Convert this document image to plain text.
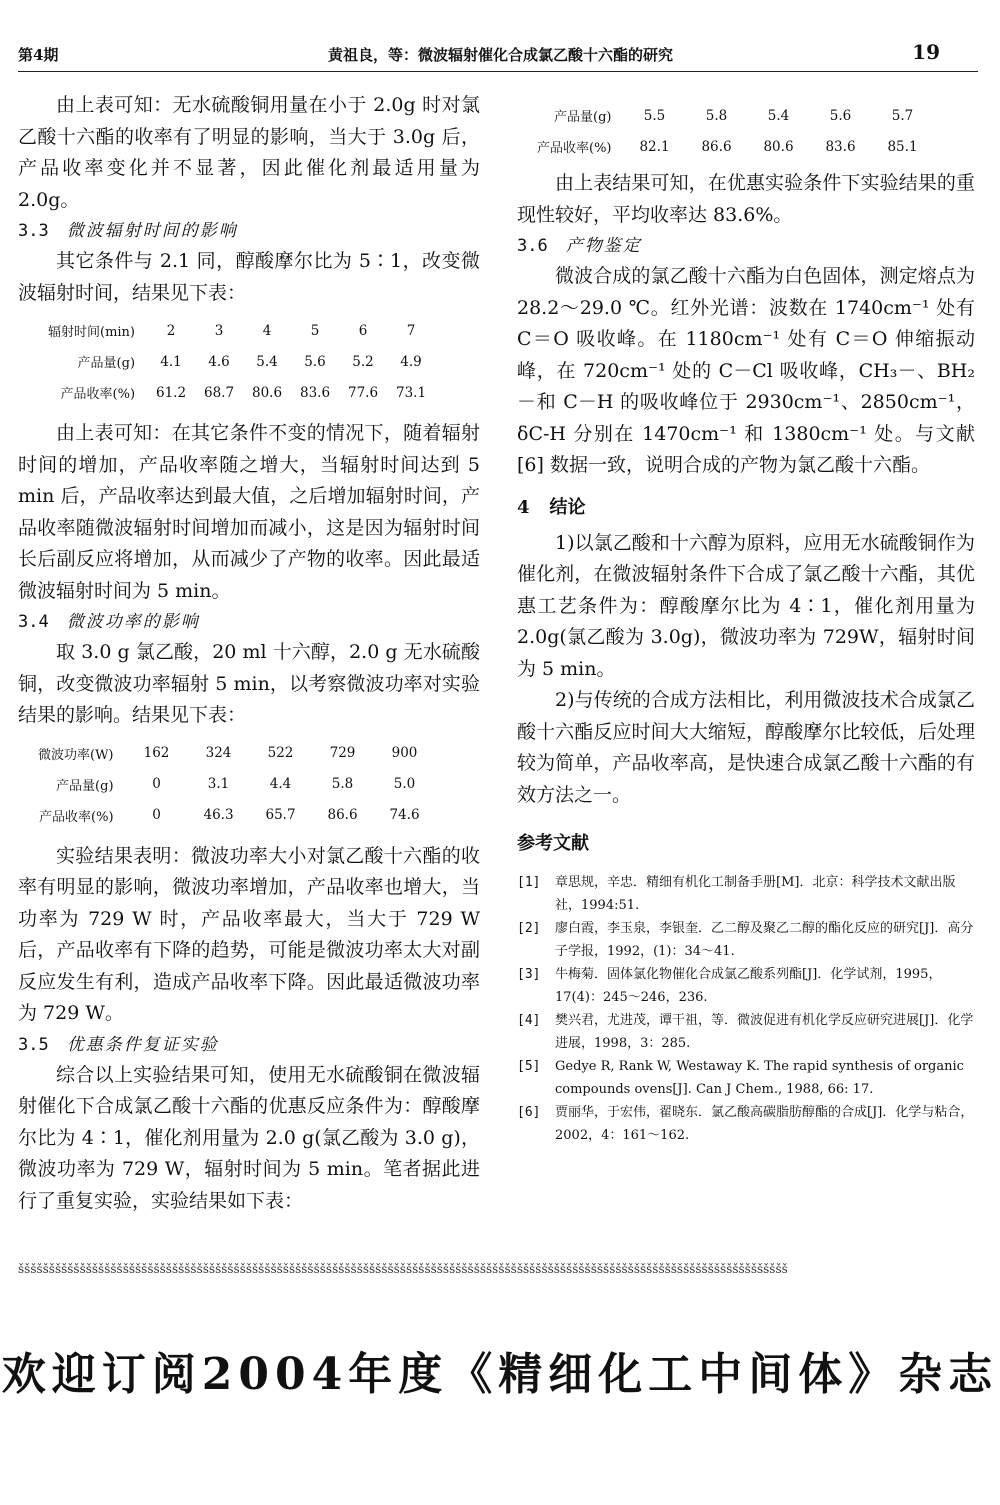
第4期	黄祖良，等：微波辐射催化合成氯乙酸十六酯的研究	19

由上表可知：无水硫酸铜用量在小于 2.0g 时对氯乙酸十六酯的收率有了明显的影响，当大于 3.0g 后，产品收率变化并不显著，因此催化剂最适用量为 2.0g。

3.3 微波辐射时间的影响

其它条件与 2.1 同，醇酸摩尔比为 5∶1，改变微波辐射时间，结果见下表：

辐射时间(min)	2	3	4	5	6	7
产品量(g)	4.1	4.6	5.4	5.6	5.2	4.9
产品收率(%)	61.2	68.7	80.6	83.6	77.6	73.1

由上表可知：在其它条件不变的情况下，随着辐射时间的增加，产品收率随之增大，当辐射时间达到 5 min 后，产品收率达到最大值，之后增加辐射时间，产品收率随微波辐射时间增加而减小，这是因为辐射时间长后副反应将增加，从而减少了产物的收率。因此最适微波辐射时间为 5 min。

3.4 微波功率的影响

取 3.0 g 氯乙酸，20 ml 十六醇，2.0 g 无水硫酸铜，改变微波功率辐射 5 min，以考察微波功率对实验结果的影响。结果见下表：

微波功率(W)	162	324	522	729	900
产品量(g)	0	3.1	4.4	5.8	5.0
产品收率(%)	0	46.3	65.7	86.6	74.6

实验结果表明：微波功率大小对氯乙酸十六酯的收率有明显的影响，微波功率增加，产品收率也增大，当功率为 729 W 时，产品收率最大，当大于 729 W 后，产品收率有下降的趋势，可能是微波功率太大对副反应发生有利，造成产品收率下降。因此最适微波功率为 729 W。

3.5 优惠条件复证实验

综合以上实验结果可知，使用无水硫酸铜在微波辐射催化下合成氯乙酸十六酯的优惠反应条件为：醇酸摩尔比为 4∶1，催化剂用量为 2.0 g(氯乙酸为 3.0 g)，微波功率为 729 W，辐射时间为 5 min。笔者据此进行了重复实验，实验结果如下表：

产品量(g)	5.5	5.8	5.4	5.6	5.7
产品收率(%)	82.1	86.6	80.6	83.6	85.1

由上表结果可知，在优惠实验条件下实验结果的重现性较好，平均收率达 83.6%。

3.6 产物鉴定

微波合成的氯乙酸十六酯为白色固体，测定熔点为 28.2～29.0 ℃。红外光谱：波数在 1740cm⁻¹ 处有 C＝O 吸收峰。在 1180cm⁻¹ 处有 C＝O 伸缩振动峰，在 720cm⁻¹ 处的 C－Cl 吸收峰，CH₃－、BH₂－和 C－H 的吸收峰位于 2930cm⁻¹、2850cm⁻¹，δC-H 分别在 1470cm⁻¹ 和 1380cm⁻¹ 处。与文献[6] 数据一致，说明合成的产物为氯乙酸十六酯。

4 结论

1)以氯乙酸和十六醇为原料，应用无水硫酸铜作为催化剂，在微波辐射条件下合成了氯乙酸十六酯，其优惠工艺条件为：醇酸摩尔比为 4∶1，催化剂用量为 2.0g(氯乙酸为 3.0g)，微波功率为 729W，辐射时间为 5 min。

2)与传统的合成方法相比，利用微波技术合成氯乙酸十六酯反应时间大大缩短，醇酸摩尔比较低，后处理较为简单，产品收率高，是快速合成氯乙酸十六酯的有效方法之一。

参考文献
[1]	章思规，辛忠．精细有机化工制备手册[M]．北京：科学技术文献出版社，1994:51.
[2]	廖白霞，李玉泉，李银奎．乙二醇及聚乙二醇的酯化反应的研究[J]．高分子学报，1992，(1)：34～41.
[3]	牛梅菊．固体氯化物催化合成氯乙酸系列酯[J]．化学试剂，1995，17(4)：245～246，236.
[4]	樊兴君，尤进茂，谭干祖，等．微波促进有机化学反应研究进展[J]．化学进展，1998，3：285.
[5]	Gedye R, Rank W, Westaway K. The rapid synthesis of organic compounds ovens[J]. Can J Chem., 1988, 66: 17.
[6]	贾丽华，于宏伟，翟晓东．氯乙酸高碳脂肪醇酯的合成[J]．化学与粘合，2002，4：161～162.
ššššššššššššššššššššššššššššššššššššššššššššššššššššššššššššššššššššššššššššššššššššššššššššššššššššššššššššššššššššššššššššš
欢迎订阅2004年度《精细化工中间体》杂志
